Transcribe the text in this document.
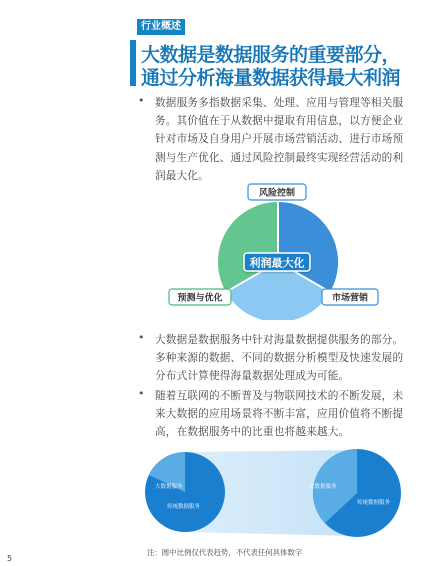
行业概述
大数据是数据服务的重要部分，
通过分析海量数据获得最大利润
• 数据服务多指数据采集、处理、应用与管理等相关服务。其价值在于从数据中提取有用信息，以方便企业针对市场及自身用户开展市场营销活动、进行市场预测与生产优化、通过风险控制最终实现经营活动的利润最大化。
利润最大化
风险控制
市场营销
预测与优化
• 大数据是数据服务中针对海量数据提供服务的部分。多种来源的数据、不同的数据分析模型及快速发展的分布式计算使得海量数据处理成为可能。
• 随着互联网的不断普及与物联网技术的不断发展，未来大数据的应用场景将不断丰富，应用价值将不断提高，在数据服务中的比重也将越来越大。
大数据服务
传统数据服务
大数据服务
传统数据服务
注：圆中比例仅代表趋势，不代表任何具体数字
5
